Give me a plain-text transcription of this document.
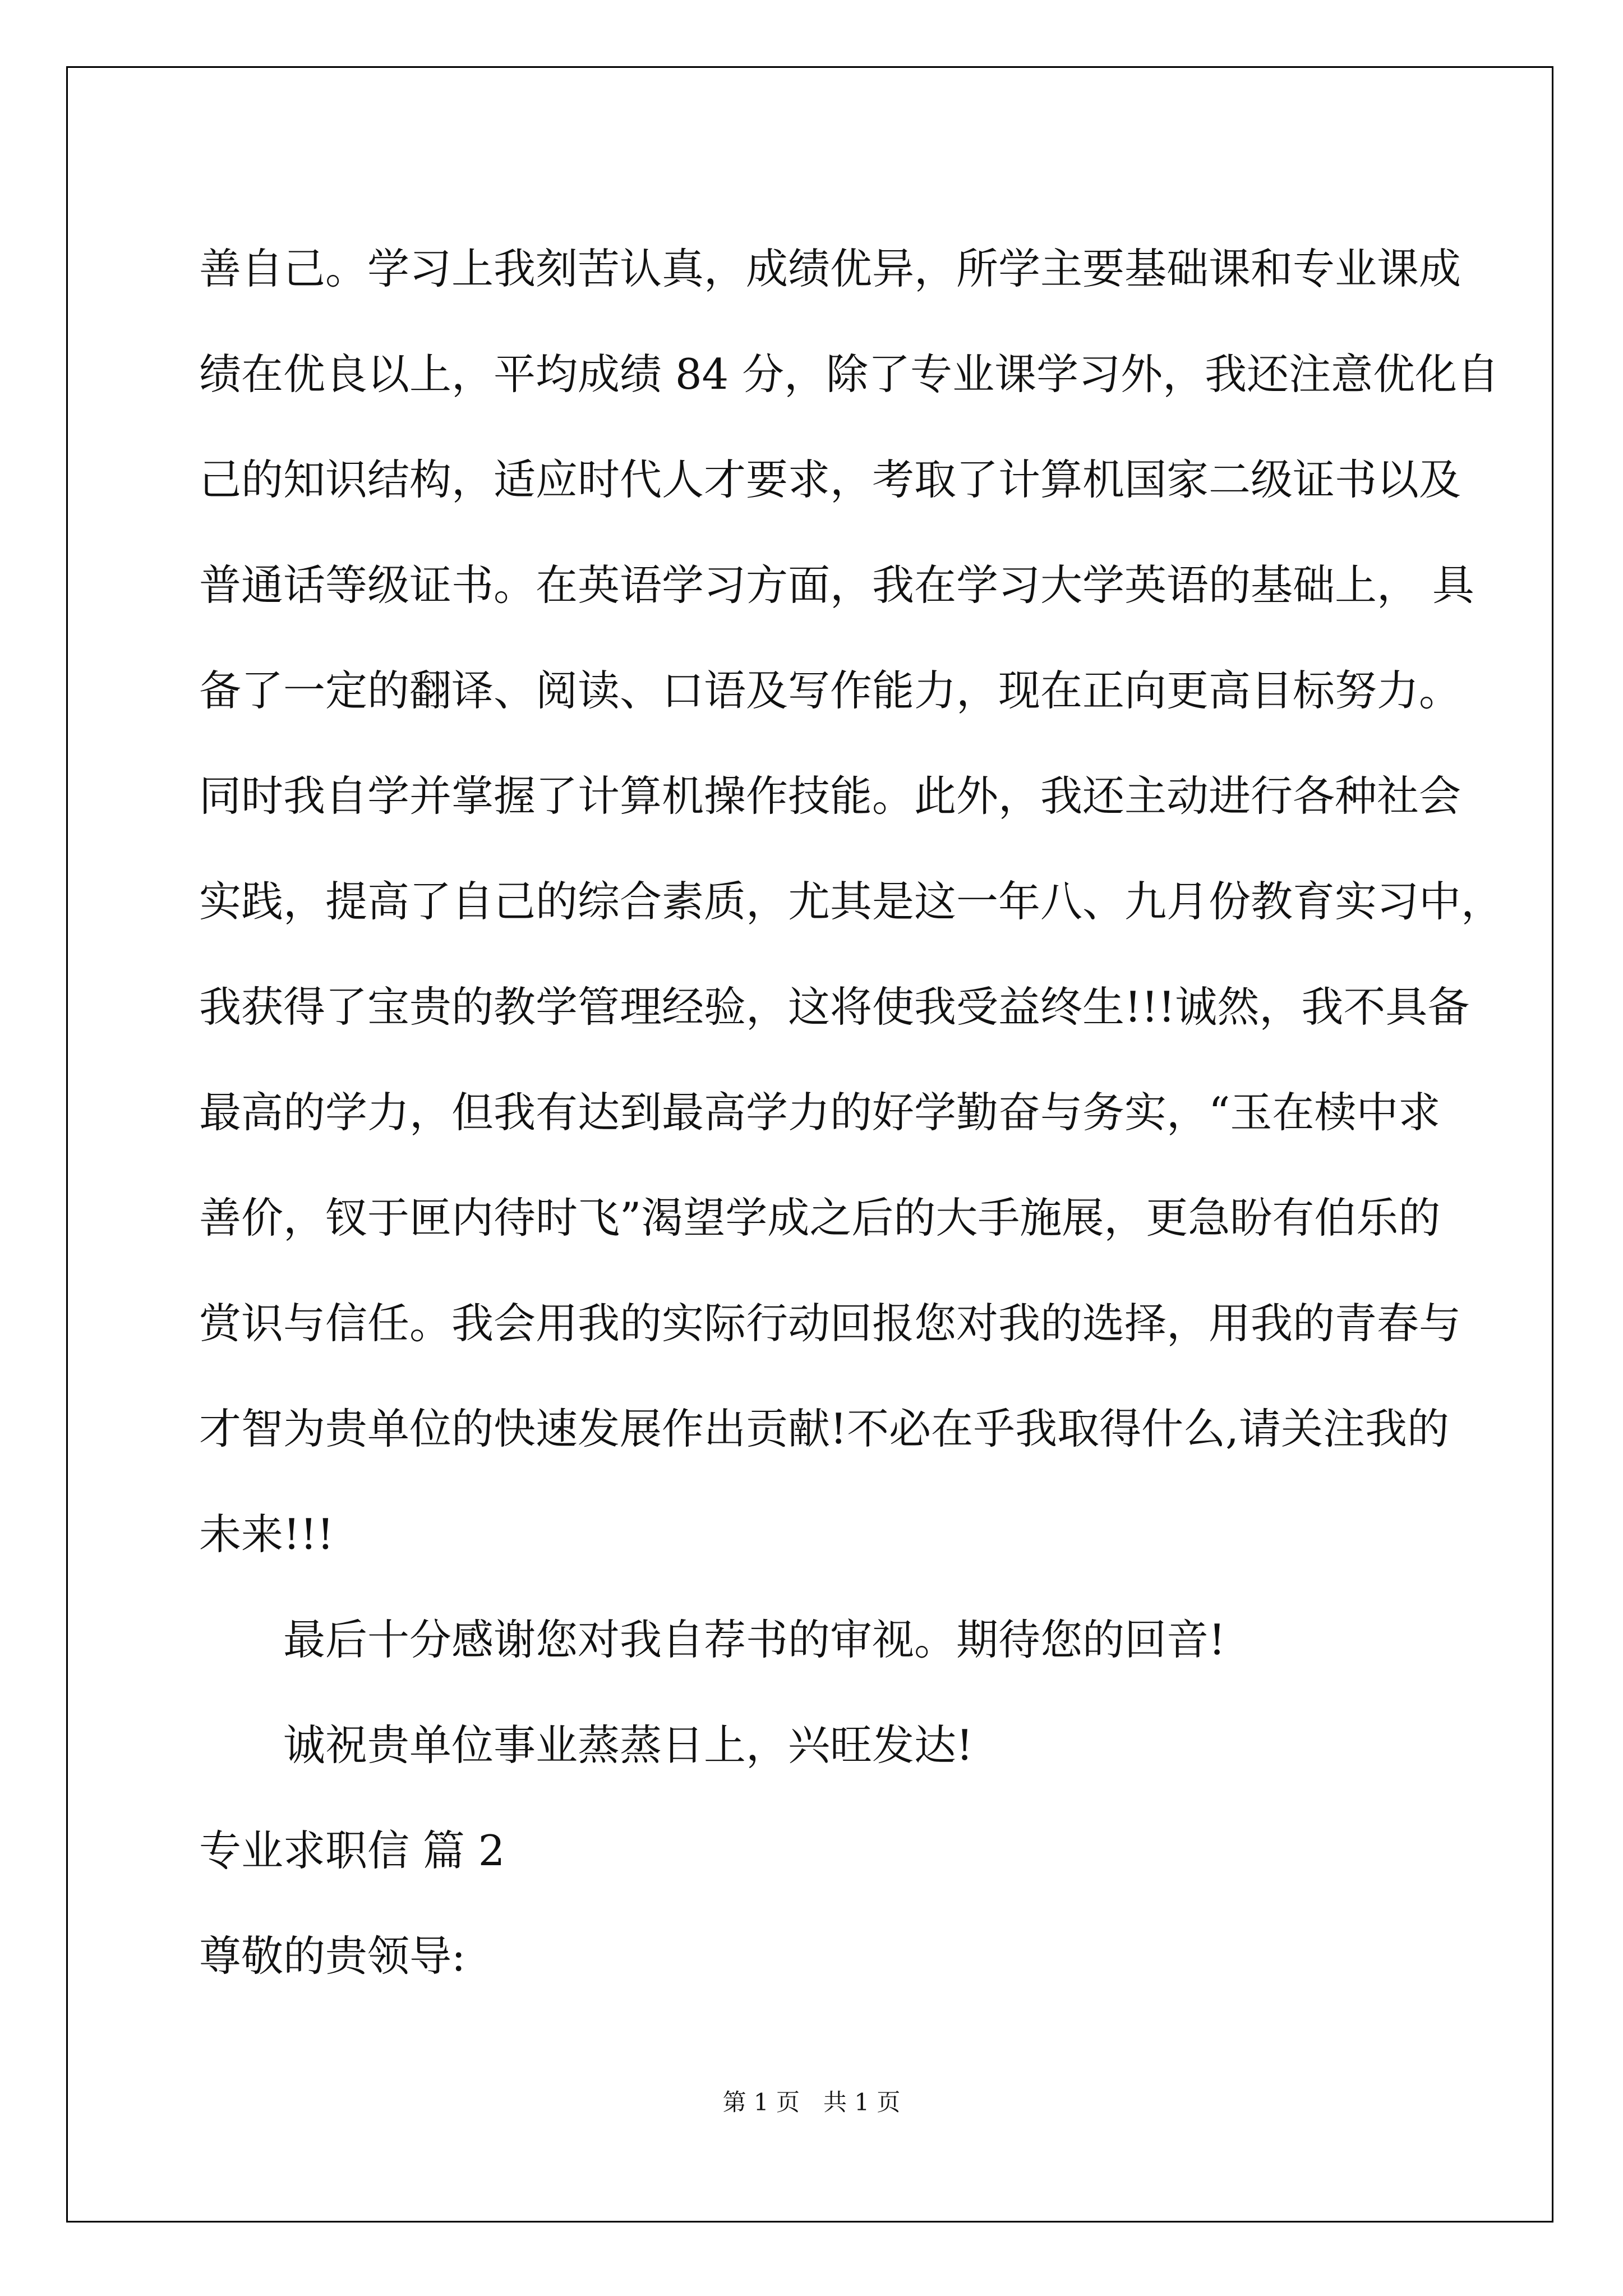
善自己。学习上我刻苦认真，成绩优异，所学主要基础课和专业课成
绩在优良以上，平均成绩 84 分，除了专业课学习外，我还注意优化自
己的知识结构，适应时代人才要求，考取了计算机国家二级证书以及
普通话等级证书。在英语学习方面，我在学习大学英语的基础上， 具
备了一定的翻译、阅读、口语及写作能力，现在正向更高目标努力。
同时我自学并掌握了计算机操作技能。此外，我还主动进行各种社会
实践，提高了自己的综合素质，尤其是这一年八、九月份教育实习中，
我获得了宝贵的教学管理经验，这将使我受益终生!!!诚然，我不具备
最高的学力，但我有达到最高学力的好学勤奋与务实，“玉在椟中求
善价，钗于匣内待时飞”渴望学成之后的大手施展，更急盼有伯乐的
赏识与信任。我会用我的实际行动回报您对我的选择，用我的青春与
才智为贵单位的快速发展作出贡献!不必在乎我取得什么,请关注我的
未来!!!
最后十分感谢您对我自荐书的审视。期待您的回音!
诚祝贵单位事业蒸蒸日上，兴旺发达!
专业求职信 篇 2
尊敬的贵领导:
第 1 页　共 1 页
